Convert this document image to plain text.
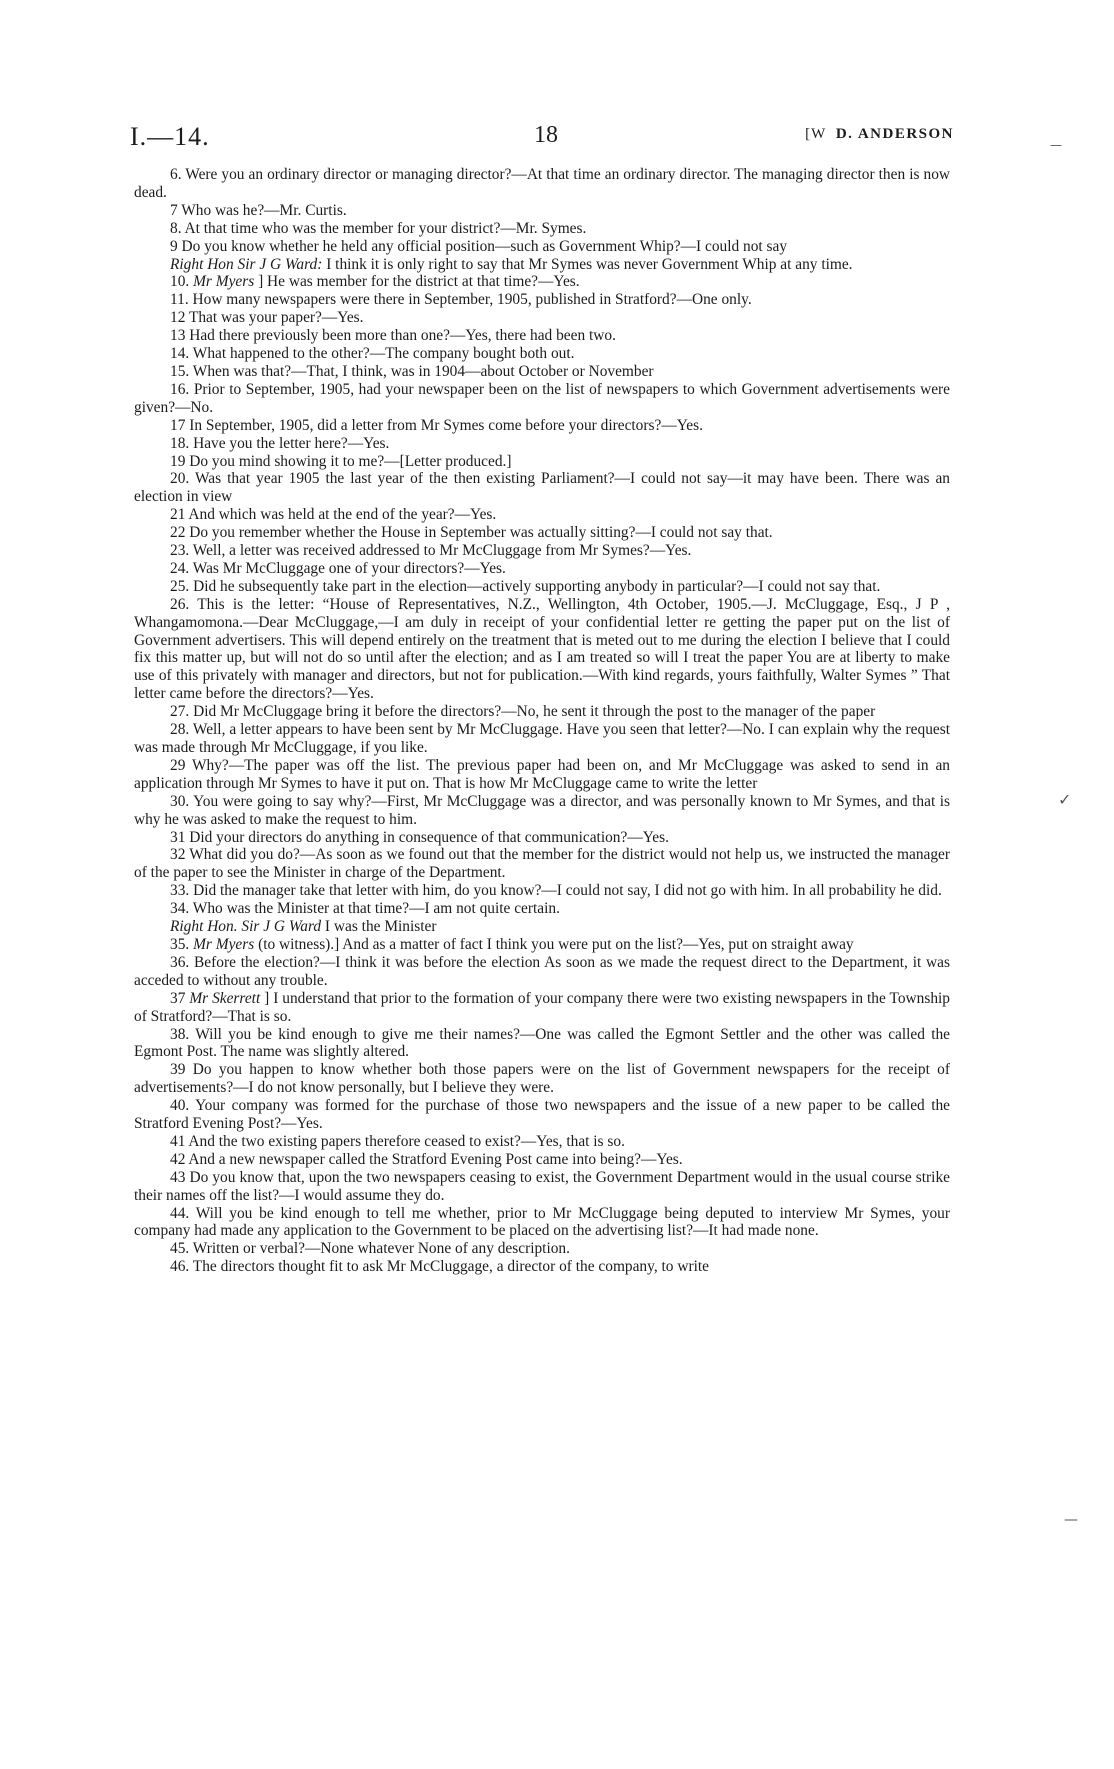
I.—14.	18	[W D. ANDERSON

6. Were you an ordinary director or managing director?—At that time an ordinary director. The managing director then is now dead.

7 Who was he?—Mr. Curtis.

8. At that time who was the member for your district?—Mr. Symes.

9 Do you know whether he held any official position—such as Government Whip?—I could not say

Right Hon Sir J G Ward: I think it is only right to say that Mr Symes was never Government Whip at any time.

10. Mr Myers ] He was member for the district at that time?—Yes.

11. How many newspapers were there in September, 1905, published in Stratford?—One only.

12 That was your paper?—Yes.

13 Had there previously been more than one?—Yes, there had been two.

14. What happened to the other?—The company bought both out.

15. When was that?—That, I think, was in 1904—about October or November

16. Prior to September, 1905, had your newspaper been on the list of newspapers to which Government advertisements were given?—No.

17 In September, 1905, did a letter from Mr Symes come before your directors?—Yes.

18. Have you the letter here?—Yes.

19 Do you mind showing it to me?—[Letter produced.]

20. Was that year 1905 the last year of the then existing Parliament?—I could not say—it may have been. There was an election in view

21 And which was held at the end of the year?—Yes.

22 Do you remember whether the House in September was actually sitting?—I could not say that.

23. Well, a letter was received addressed to Mr McCluggage from Mr Symes?—Yes.

24. Was Mr McCluggage one of your directors?—Yes.

25. Did he subsequently take part in the election—actively supporting anybody in particular?—I could not say that.

26. This is the letter: “House of Representatives, N.Z., Wellington, 4th October, 1905.—J. McCluggage, Esq., J P , Whangamomona.—Dear McCluggage,—I am duly in receipt of your confidential letter re getting the paper put on the list of Government advertisers. This will depend entirely on the treatment that is meted out to me during the election I believe that I could fix this matter up, but will not do so until after the election; and as I am treated so will I treat the paper You are at liberty to make use of this privately with manager and directors, but not for publication.—With kind regards, yours faithfully, Walter Symes ” That letter came before the directors?—Yes.

27. Did Mr McCluggage bring it before the directors?—No, he sent it through the post to the manager of the paper

28. Well, a letter appears to have been sent by Mr McCluggage. Have you seen that letter?—No. I can explain why the request was made through Mr McCluggage, if you like.

29 Why?—The paper was off the list. The previous paper had been on, and Mr McCluggage was asked to send in an application through Mr Symes to have it put on. That is how Mr McCluggage came to write the letter

30. You were going to say why?—First, Mr McCluggage was a director, and was personally known to Mr Symes, and that is why he was asked to make the request to him.

31 Did your directors do anything in consequence of that communication?—Yes.

32 What did you do?—As soon as we found out that the member for the district would not help us, we instructed the manager of the paper to see the Minister in charge of the Department.

33. Did the manager take that letter with him, do you know?—I could not say, I did not go with him. In all probability he did.

34. Who was the Minister at that time?—I am not quite certain.

Right Hon. Sir J G Ward I was the Minister

35. Mr Myers (to witness).] And as a matter of fact I think you were put on the list?—Yes, put on straight away

36. Before the election?—I think it was before the election As soon as we made the request direct to the Department, it was acceded to without any trouble.

37 Mr Skerrett ] I understand that prior to the formation of your company there were two existing newspapers in the Township of Stratford?—That is so.

38. Will you be kind enough to give me their names?—One was called the Egmont Settler and the other was called the Egmont Post. The name was slightly altered.

39 Do you happen to know whether both those papers were on the list of Government newspapers for the receipt of advertisements?—I do not know personally, but I believe they were.

40. Your company was formed for the purchase of those two newspapers and the issue of a new paper to be called the Stratford Evening Post?—Yes.

41 And the two existing papers therefore ceased to exist?—Yes, that is so.

42 And a new newspaper called the Stratford Evening Post came into being?—Yes.

43 Do you know that, upon the two newspapers ceasing to exist, the Government Department would in the usual course strike their names off the list?—I would assume they do.

44. Will you be kind enough to tell me whether, prior to Mr McCluggage being deputed to interview Mr Symes, your company had made any application to the Government to be placed on the advertising list?—It had made none.

45. Written or verbal?—None whatever None of any description.

46. The directors thought fit to ask Mr McCluggage, a director of the company, to write

—
✓
—
